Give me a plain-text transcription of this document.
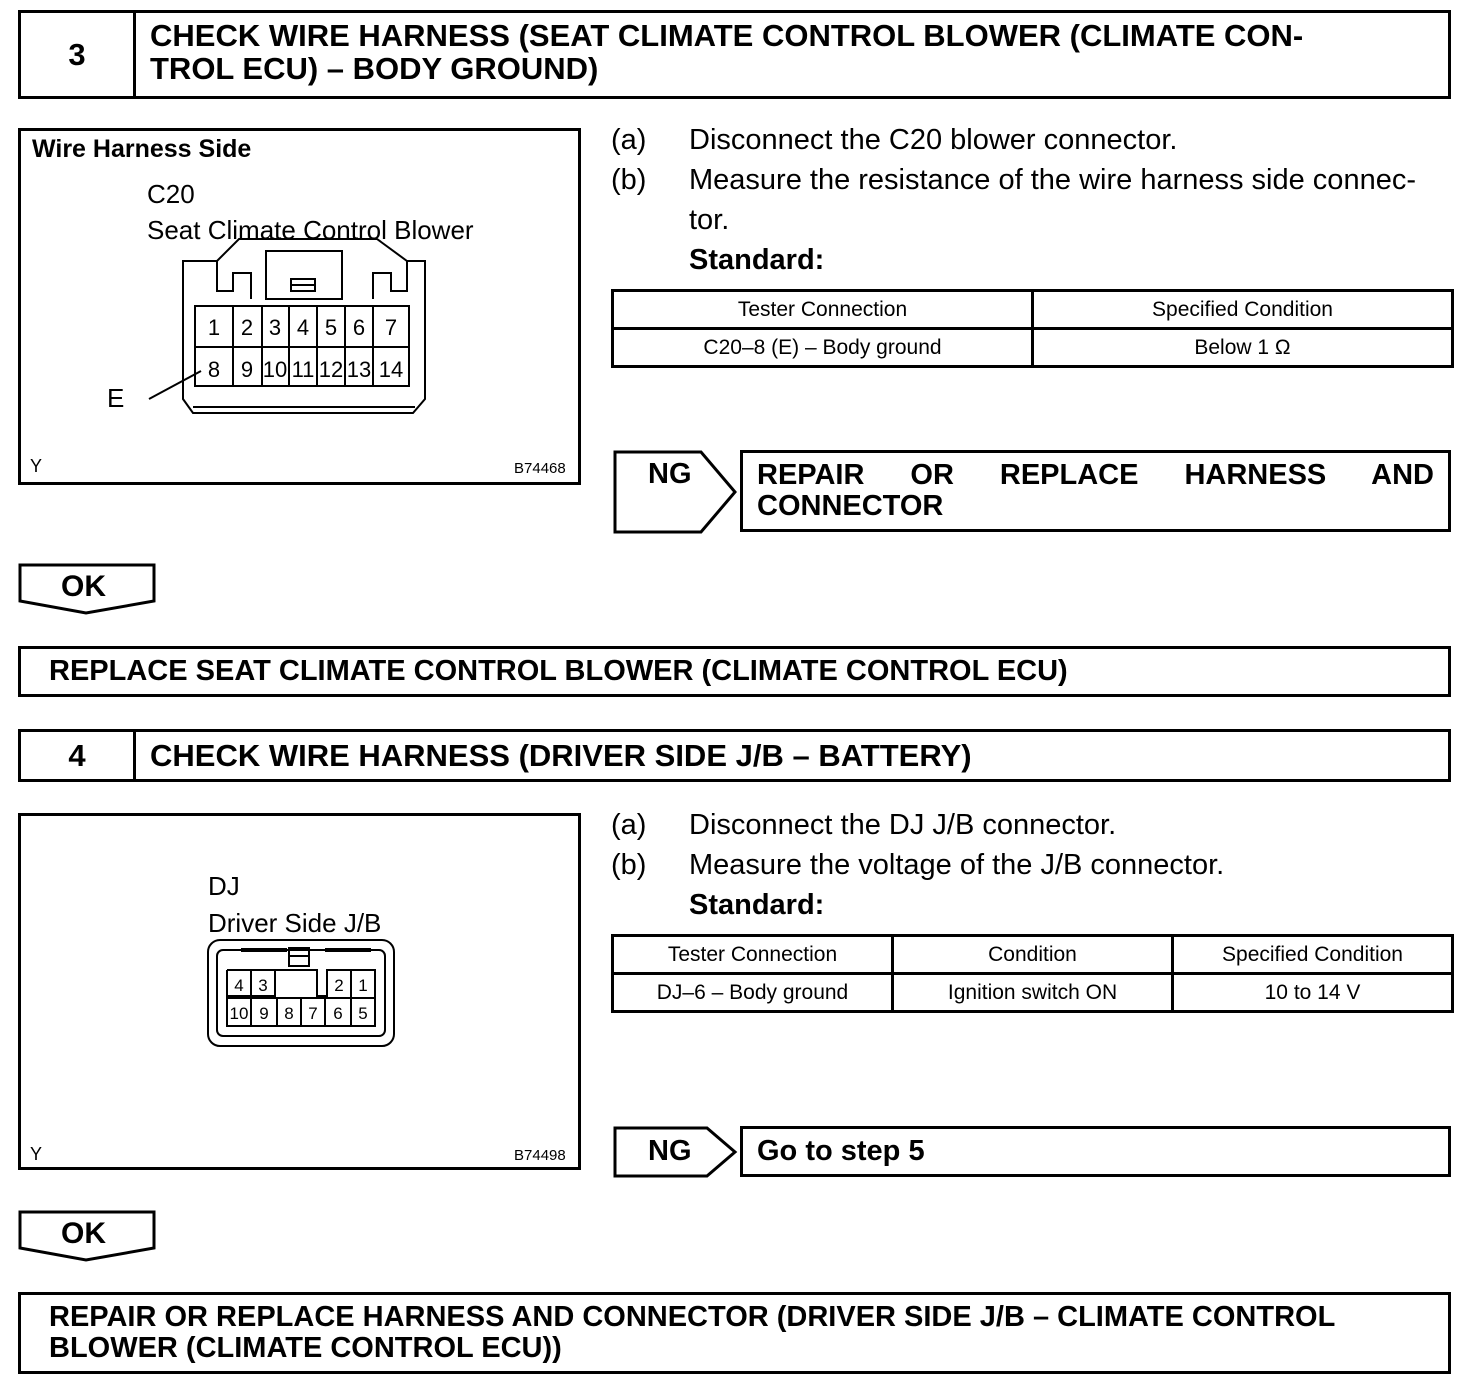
3
CHECK WIRE HARNESS (SEAT CLIMATE CONTROL BLOWER (CLIMATE CON-
TROL ECU) – BODY GROUND)
Wire Harness Side
C20
Seat Climate Control Blower
E
Y	B74468
1 2 3 4 5 6 7
8 9 10 11 12 13 14
(a)	Disconnect the C20 blower connector.
(b)	Measure the resistance of the wire harness side connec-
tor.
Standard:
Tester Connection	Specified Condition
C20–8 (E) – Body ground	Below 1 Ω
NG REPAIR OR REPLACE HARNESS AND
CONNECTOR
OK
REPLACE SEAT CLIMATE CONTROL BLOWER (CLIMATE CONTROL ECU)
4	CHECK WIRE HARNESS (DRIVER SIDE J/B – BATTERY)
DJ
Driver Side J/B
Y	B74498
4 3	2 1
10 9 8 7 6 5
(a)	Disconnect the DJ J/B connector.
(b)	Measure the voltage of the J/B connector.
Standard:
Tester Connection	Condition	Specified Condition
DJ–6 – Body ground	Ignition switch ON	10 to 14 V
NG Go to step 5
OK
REPAIR OR REPLACE HARNESS AND CONNECTOR (DRIVER SIDE J/B – CLIMATE CONTROL
BLOWER (CLIMATE CONTROL ECU))
